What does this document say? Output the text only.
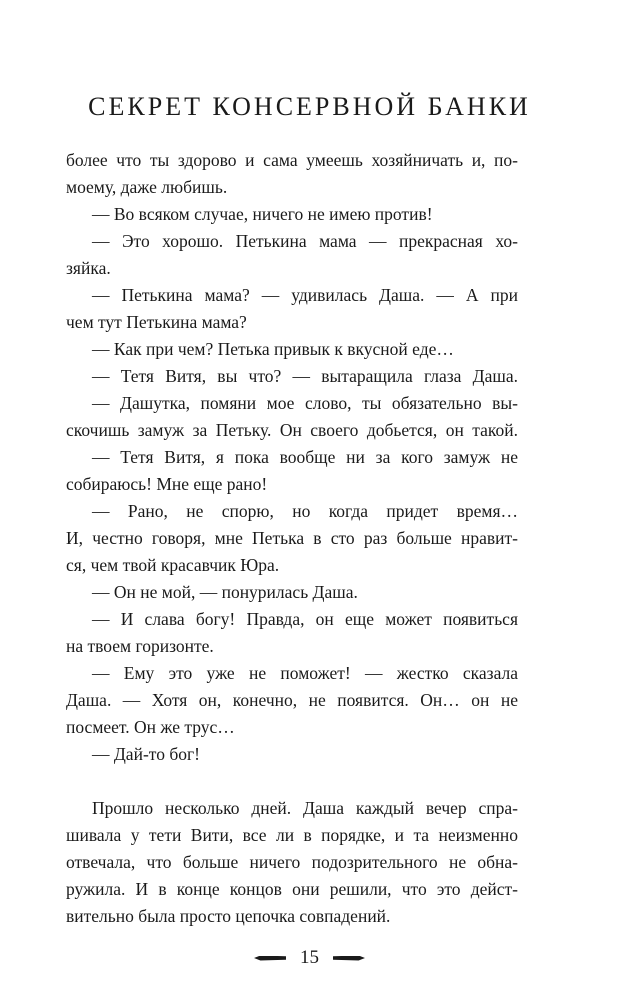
СЕКРЕТ КОНСЕРВНОЙ БАНКИ
более что ты здорово и сама умеешь хозяйничать и, по-
моему, даже любишь.
— Во всяком случае, ничего не имею против!
— Это хорошо. Петькина мама — прекрасная хо-
зяйка.
— Петькина мама? — удивилась Даша. — А при
чем тут Петькина мама?
— Как при чем? Петька привык к вкусной еде…
— Тетя Витя, вы что? — вытаращила глаза Даша.
— Дашутка, помяни мое слово, ты обязательно вы-
скочишь замуж за Петьку. Он своего добьется, он такой.
— Тетя Витя, я пока вообще ни за кого замуж не
собираюсь! Мне еще рано!
— Рано, не спорю, но когда придет время…
И, честно говоря, мне Петька в сто раз больше нравит-
ся, чем твой красавчик Юра.
— Он не мой, — понурилась Даша.
— И слава богу! Правда, он еще может появиться
на твоем горизонте.
— Ему это уже не поможет! — жестко сказала
Даша. — Хотя он, конечно, не появится. Он… он не
посмеет. Он же трус…
— Дай-то бог!
Прошло несколько дней. Даша каждый вечер спра-
шивала у тети Вити, все ли в порядке, и та неизменно
отвечала, что больше ничего подозрительного не обна-
ружила. И в конце концов они решили, что это дейст-
вительно была просто цепочка совпадений.
15
